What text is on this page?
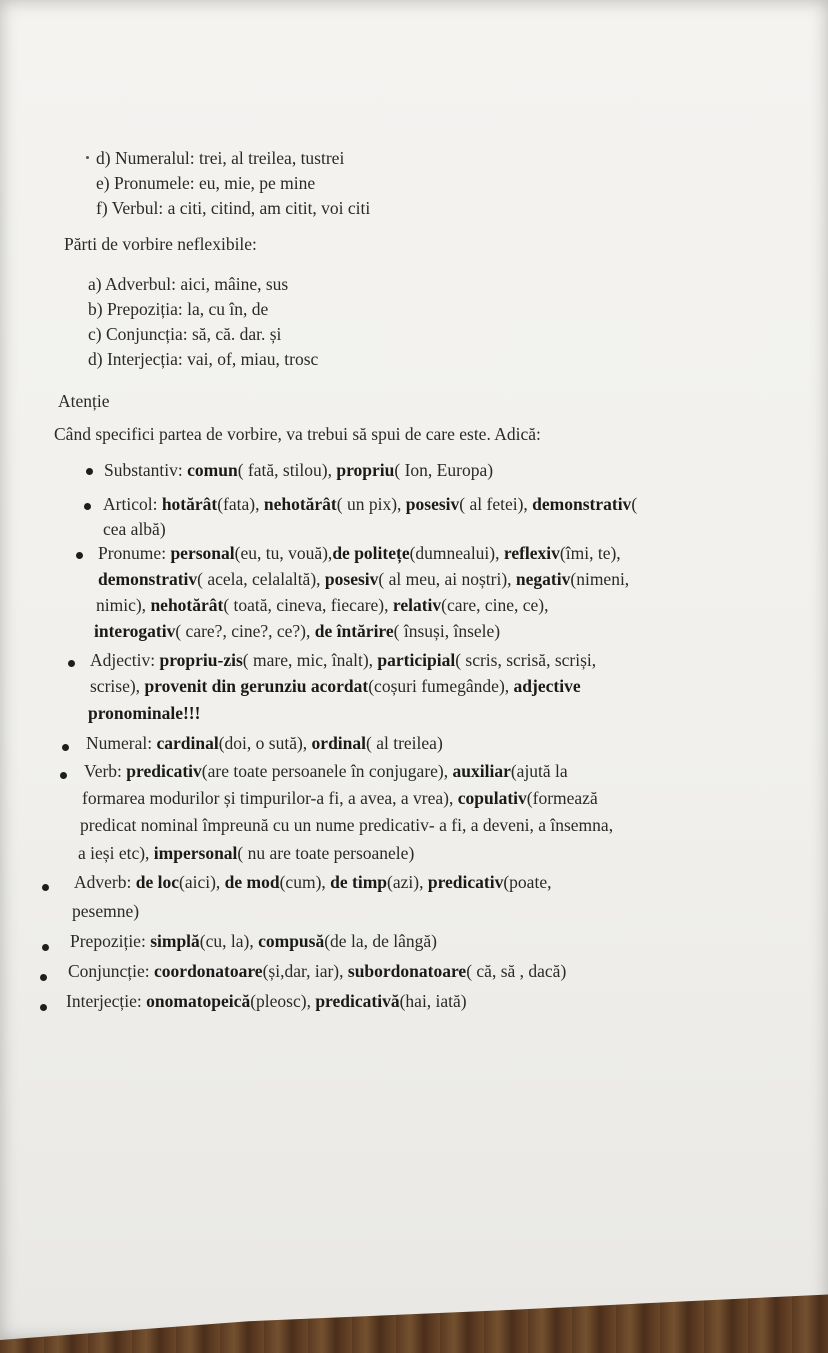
d) Numeralul: trei, al treilea, tustrei
e) Pronumele: eu, mie, pe mine
f) Verbul: a citi, citind, am citit, voi citi
Părti de vorbire neflexibile:
a) Adverbul: aici, mâine, sus
b) Prepoziția: la, cu în, de
c) Conjuncția: să, că. dar. și
d) Interjecția: vai, of, miau, trosc
Atenție
Când specifici partea de vorbire, va trebui să spui de care este. Adică:
Substantiv: comun( fată, stilou), propriu( Ion, Europa)
Articol: hotărât(fata), nehotărât( un pix), posesiv( al fetei), demonstrativ(
cea albă)
Pronume: personal(eu, tu, vouă),de politețe(dumnealui), reflexiv(îmi, te),
demonstrativ( acela, celalaltă), posesiv( al meu, ai noștri), negativ(nimeni,
nimic), nehotărât( toată, cineva, fiecare), relativ(care, cine, ce),
interogativ( care?, cine?, ce?), de întărire( însuși, însele)
Adjectiv: propriu-zis( mare, mic, înalt), participial( scris, scrisă, scriși,
scrise), provenit din gerunziu acordat(coșuri fumegânde), adjective
pronominale!!!
Numeral: cardinal(doi, o sută), ordinal( al treilea)
Verb: predicativ(are toate persoanele în conjugare), auxiliar(ajută la
formarea modurilor și timpurilor-a fi, a avea, a vrea), copulativ(formează
predicat nominal împreună cu un nume predicativ- a fi, a deveni, a însemna,
a ieși etc), impersonal( nu are toate persoanele)
Adverb: de loc(aici), de mod(cum), de timp(azi), predicativ(poate,
pesemne)
Prepoziție: simplă(cu, la), compusă(de la, de lângă)
Conjuncție: coordonatoare(și,dar, iar), subordonatoare( că, să , dacă)
Interjecție: onomatopeică(pleosc), predicativă(hai, iată)
